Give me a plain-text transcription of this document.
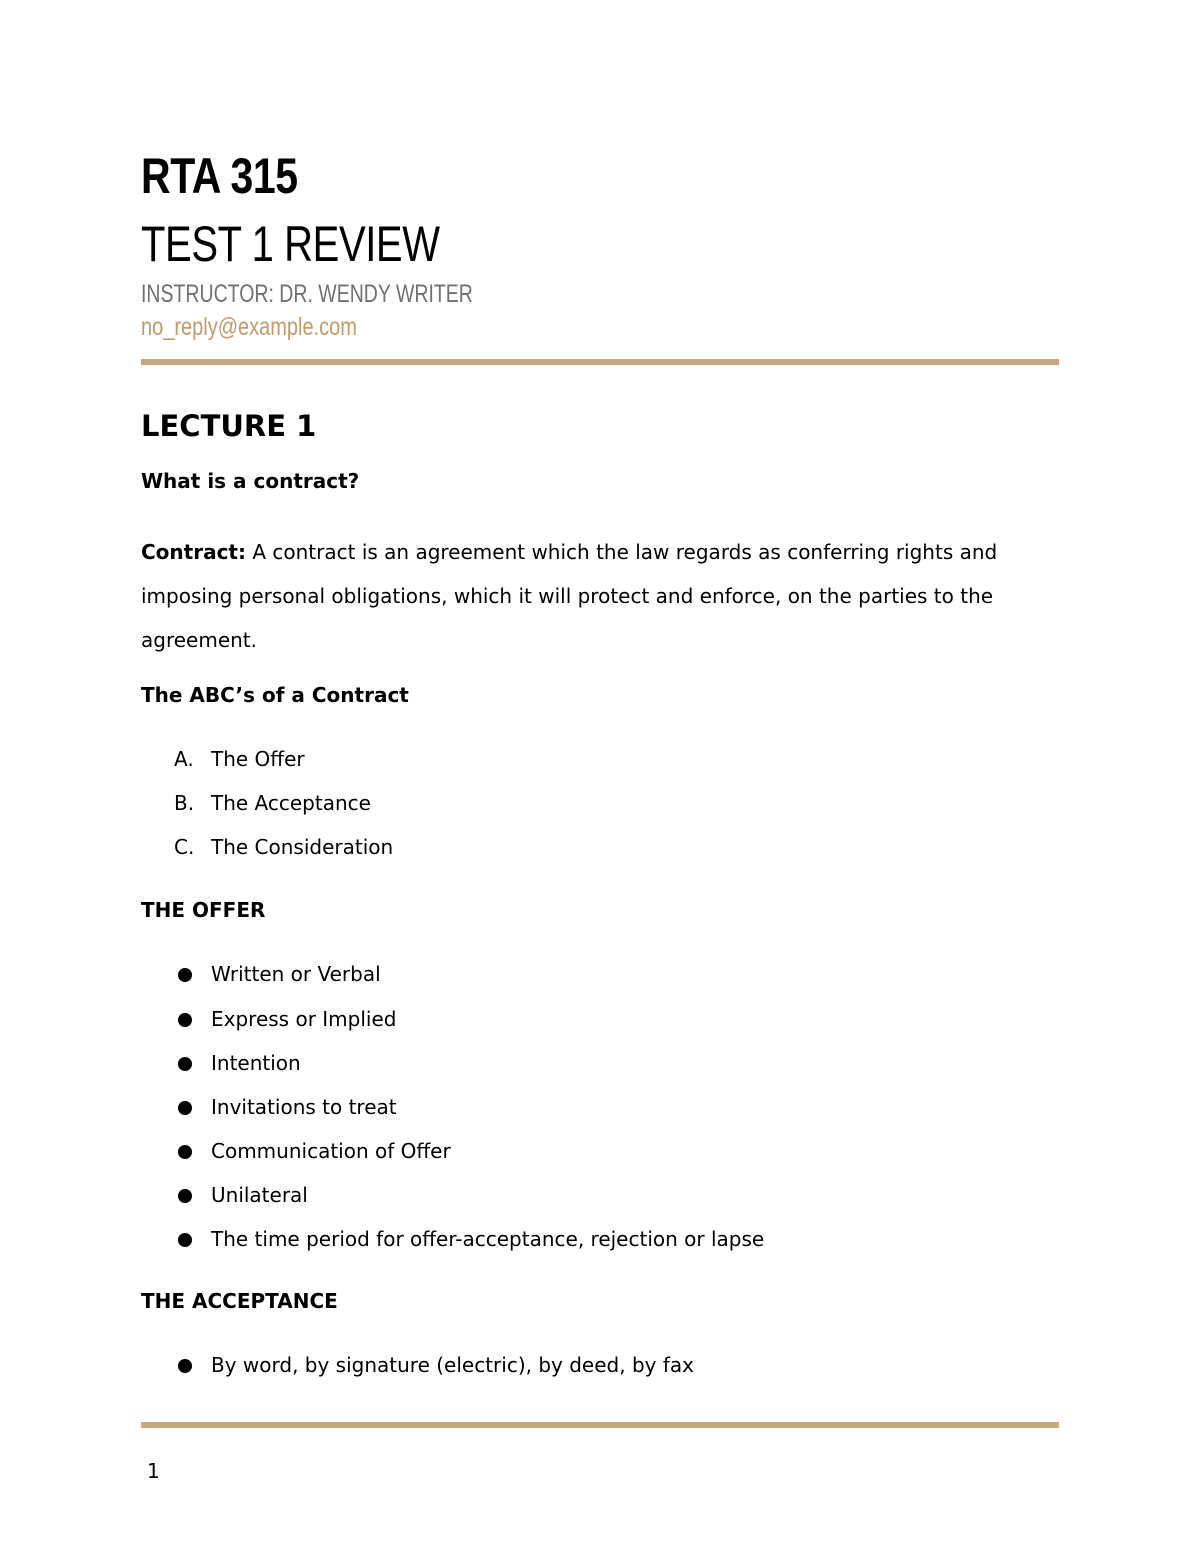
RTA 315
TEST 1 REVIEW

INSTRUCTOR: DR. WENDY WRITER

no_reply@example.com

LECTURE 1
What is a contract?

Contract: A contract is an agreement which the law regards as conferring rights and imposing personal obligations, which it will protect and enforce, on the parties to the agreement.

The ABC’s of a Contract
A. The Offer
B. The Acceptance
C. The Consideration
THE OFFER
Written or Verbal
Express or Implied
Intention
Invitations to treat
Communication of Offer
Unilateral
The time period for offer-acceptance, rejection or lapse
THE ACCEPTANCE
By word, by signature (electric), by deed, by fax

1
